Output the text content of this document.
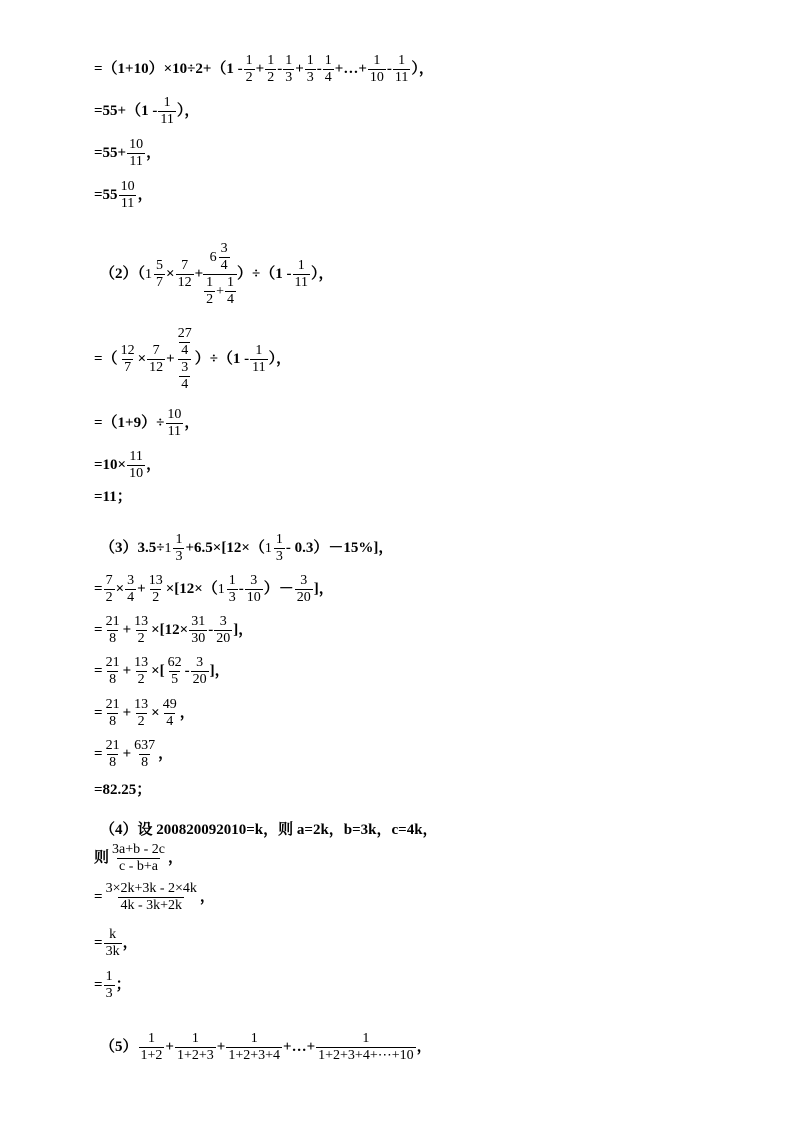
$=(1+10)\times 10\div 2+(1 - \frac{1}{2} + \frac{1}{2} - \frac{1}{3} + \frac{1}{3} - \frac{1}{4}$ +…+ $\frac{1}{10} - \frac{1}{11}$ ），
$=55+(1 - \frac{1}{11}$ ），
$=55+ \frac{10}{11}$ ，
$=55 \frac{10}{11}$ ，
（2）（ 1
5
7
× $\frac{7}{12} + 6$
3
4
1
2
+ $\frac{1}{4} )\div(1 - \frac{1}{11}$ ），
=（ $\frac{12}{7} \times \frac{7}{12} + 27$
4
3
4 ）$\div(1 - \frac{1}{11}$ ），
$=(1+9)\div \frac{10}{11}$ ，
$=10\times \frac{11}{10}$ ，
=11；
（3）3.5÷ 1
1
3
+6.5×[12×（ 1
1
3
- 0.3）－15%]，
= $\frac{7}{2} \times \frac{3}{4} + \frac{13}{2} \times[12\times$（ 1
1
3
- $\frac{3}{10}$ ）－ $\frac{3}{20}$ ]，
= $\frac{21}{8} + \frac{13}{2} \times[12\times \frac{31}{30} - \frac{3}{20}$ ]，
= $\frac{21}{8} + \frac{13}{2}$ ×[ $\frac{62}{5} - \frac{3}{20}$ ]，
= $\frac{21}{8} + \frac{13}{2} \times \frac{49}{4}$ ，
= $\frac{21}{8} + \frac{637}{8}$ ，
=82.25；
（4）设 200820092010=k，则 a=2k，b=3k，c=4k，
则 $\frac{3a+b - 2c}{c - b+a}$ ，
= $\frac{3\times 2k+3k - 2\times 4k}{4k - 3k+2k}$ ，
= $\frac{k}{3k}$ ，
= $\frac{1}{3}$ ；
$(5) \frac{1}{1+2} + \frac{1}{1+2+3} + \frac{1}{1+2+3+4}$ +…+ $\frac{1}{1+2+3+4+\cdots+10}$ ，
